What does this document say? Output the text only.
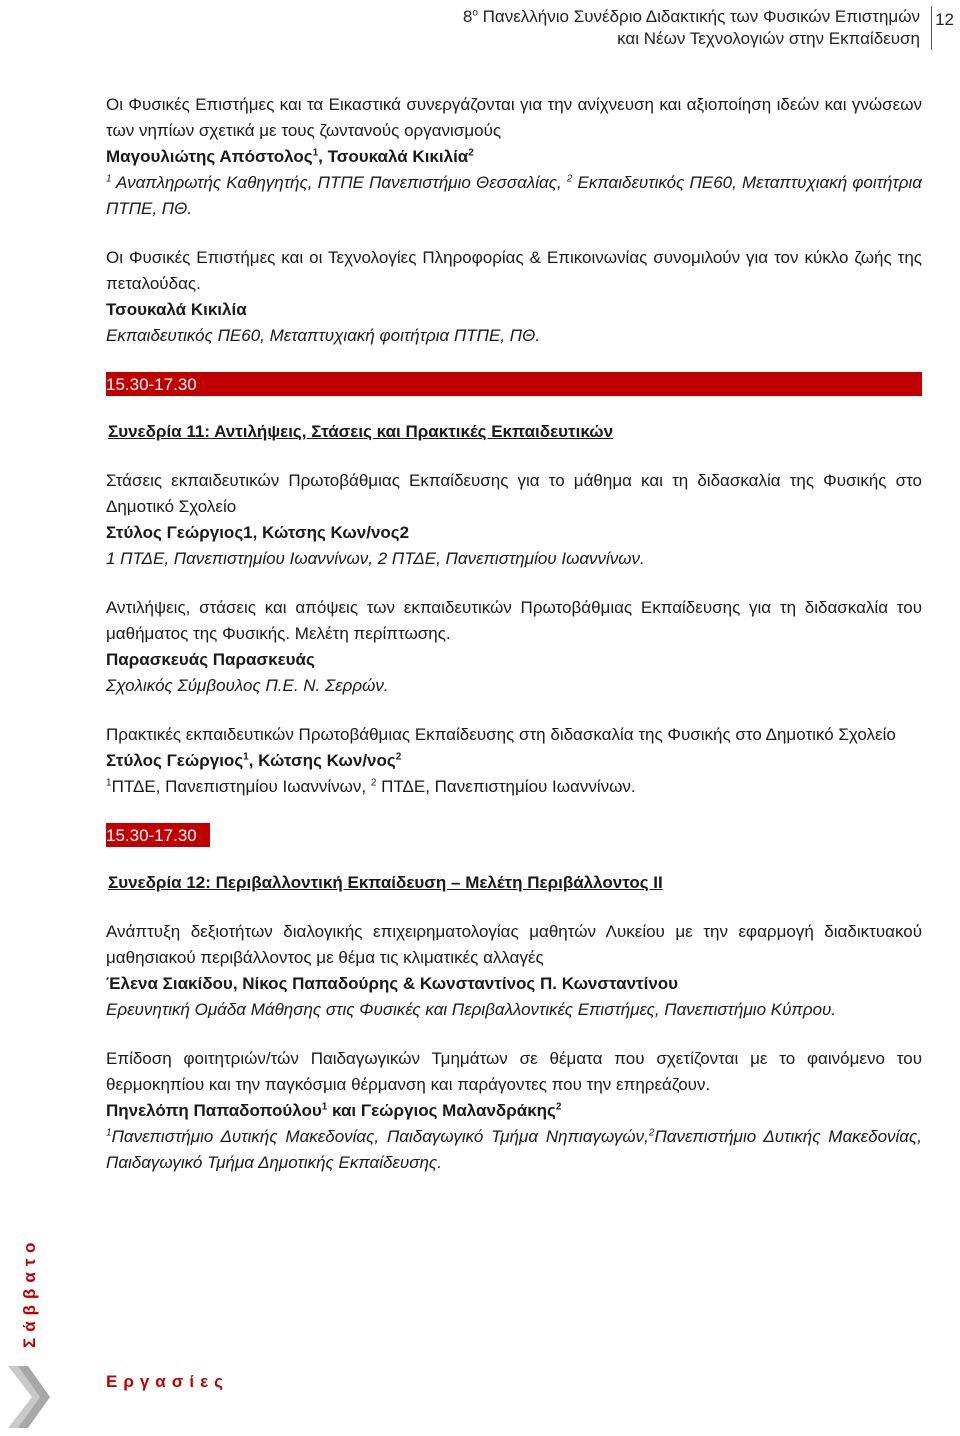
$8^o$ Πανελλήνιο Συνέδριο Διδακτικής των Φυσικών Επιστημών
και Νέων Τεχνολογιών στην Εκπαίδευση
12

Οι Φυσικές Επιστήμες και τα Εικαστικά συνεργάζονται για την ανίχνευση και αξιοποίηση ιδεών και γνώσεων των νηπίων σχετικά με τους ζωντανούς οργανισμούς

Μαγουλιώτης Απόστολος$^1$, Τσουκαλά Κικιλία$^2$

$^1$ Αναπληρωτής Καθηγητής, ΠΤΠΕ Πανεπιστήμιο Θεσσαλίας, $^2$ Εκπαιδευτικός ΠΕ60, Μεταπτυχιακή φοιτήτρια ΠΤΠΕ, ΠΘ.

Οι Φυσικές Επιστήμες και οι Τεχνολογίες Πληροφορίας & Επικοινωνίας συνομιλούν για τον κύκλο ζωής της πεταλούδας.

Τσουκαλά Κικιλία

Εκπαιδευτικός ΠΕ60, Μεταπτυχιακή φοιτήτρια ΠΤΠΕ, ΠΘ.

15.30-17.30

Συνεδρία 11: Αντιλήψεις, Στάσεις και Πρακτικές Εκπαιδευτικών

Στάσεις εκπαιδευτικών Πρωτοβάθμιας Εκπαίδευσης για το μάθημα και τη διδασκαλία της Φυσικής στο Δημοτικό Σχολείο

Στύλος Γεώργιος1, Κώτσης Κων/νος2

1 ΠΤΔΕ, Πανεπιστημίου Ιωαννίνων, 2 ΠΤΔΕ, Πανεπιστημίου Ιωαννίνων.

Αντιλήψεις, στάσεις και απόψεις των εκπαιδευτικών Πρωτοβάθμιας Εκπαίδευσης για τη διδασκαλία του μαθήματος της Φυσικής. Μελέτη περίπτωσης.

Παρασκευάς Παρασκευάς

Σχολικός Σύμβουλος Π.Ε. Ν. Σερρών.

Πρακτικές εκπαιδευτικών Πρωτοβάθμιας Εκπαίδευσης στη διδασκαλία της Φυσικής στο Δημοτικό Σχολείο

Στύλος Γεώργιος$^1$, Κώτσης Κων/νος$^2$

$^1$ΠΤΔΕ, Πανεπιστημίου Ιωαννίνων, $^2$ ΠΤΔΕ, Πανεπιστημίου Ιωαννίνων.

15.30-17.30

Συνεδρία 12: Περιβαλλοντική Εκπαίδευση – Μελέτη Περιβάλλοντος ΙΙ

Ανάπτυξη δεξιοτήτων διαλογικής επιχειρηματολογίας μαθητών Λυκείου με την εφαρμογή διαδικτυακού μαθησιακού περιβάλλοντος με θέμα τις κλιματικές αλλαγές

Έλενα Σιακίδου, Νίκος Παπαδούρης & Κωνσταντίνος Π. Κωνσταντίνου

Ερευνητική Ομάδα Μάθησης στις Φυσικές και Περιβαλλοντικές Επιστήμες, Πανεπιστήμιο Κύπρου.

Επίδοση φοιτητριών/τών Παιδαγωγικών Τμημάτων σε θέματα που σχετίζονται με το φαινόμενο του θερμοκηπίου και την παγκόσμια θέρμανση και παράγοντες που την επηρεάζουν.

Πηνελόπη Παπαδοπούλου$^1$ και Γεώργιος Μαλανδράκης$^2$

$^1$Πανεπιστήμιο Δυτικής Μακεδονίας, Παιδαγωγικό Τμήμα Νηπιαγωγών,$^2$Πανεπιστήμιο Δυτικής Μακεδονίας, Παιδαγωγικό Τμήμα Δημοτικής Εκπαίδευσης.

Σάββατο
Εργασίες
